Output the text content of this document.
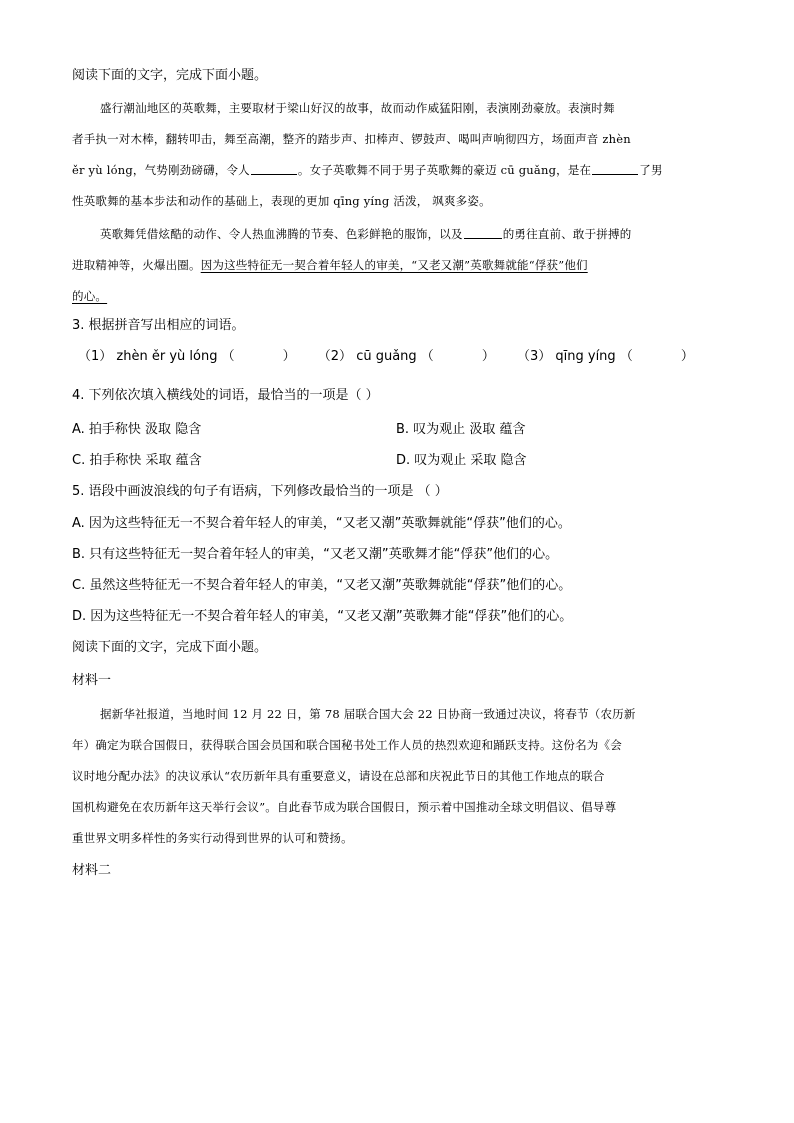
阅读下面的文字，完成下面小题。
盛行潮汕地区的英歌舞，主要取材于梁山好汉的故事，故而动作威猛阳刚，表演刚劲豪放。表演时舞
者手执一对木棒，翻转叩击，舞至高潮，整齐的踏步声、扣棒声、锣鼓声、喝叫声响彻四方，场面声音 zhèn
ěr yù lóng，气势刚劲磅礴，令人	。女子英歌舞不同于男子英歌舞的豪迈 cū guǎng，是在	了男
性英歌舞的基本步法和动作的基础上，表现的更加 qīng yíng 活泼， 飒爽多姿。
英歌舞凭借炫酷的动作、令人热血沸腾的节奏、色彩鲜艳的服饰，以及	的勇往直前、敢于拼搏的
进取精神等，火爆出圈。因为这些特征无一契合着年轻人的审美，“又老又潮”英歌舞就能“俘获”他们
的心。
3. 根据拼音写出相应的词语。
（1） zhèn ěr yù lóng （	） （2） cū guǎng （	） （3） qīng yíng （	）
4. 下列依次填入横线处的词语，最恰当的一项是（ ）
A. 拍手称快 汲取 隐含	B. 叹为观止 汲取 蕴含
C. 拍手称快 采取 蕴含	D. 叹为观止 采取 隐含
5. 语段中画波浪线的句子有语病，下列修改最恰当的一项是 （ ）
A. 因为这些特征无一不契合着年轻人的审美，“又老又潮”英歌舞就能“俘获”他们的心。
B. 只有这些特征无一契合着年轻人的审美，“又老又潮”英歌舞才能“俘获”他们的心。
C. 虽然这些特征无一不契合着年轻人的审美，“又老又潮”英歌舞就能“俘获”他们的心。
D. 因为这些特征无一不契合着年轻人的审美，“又老又潮”英歌舞才能“俘获”他们的心。
阅读下面的文字，完成下面小题。
材料一
据新华社报道，当地时间 12 月 22 日，第 78 届联合国大会 22 日协商一致通过决议，将春节（农历新
年）确定为联合国假日，获得联合国会员国和联合国秘书处工作人员的热烈欢迎和踊跃支持。这份名为《会
议时地分配办法》的决议承认“农历新年具有重要意义，请设在总部和庆祝此节日的其他工作地点的联合
国机构避免在农历新年这天举行会议”。自此春节成为联合国假日，预示着中国推动全球文明倡议、倡导尊
重世界文明多样性的务实行动得到世界的认可和赞扬。
材料二
